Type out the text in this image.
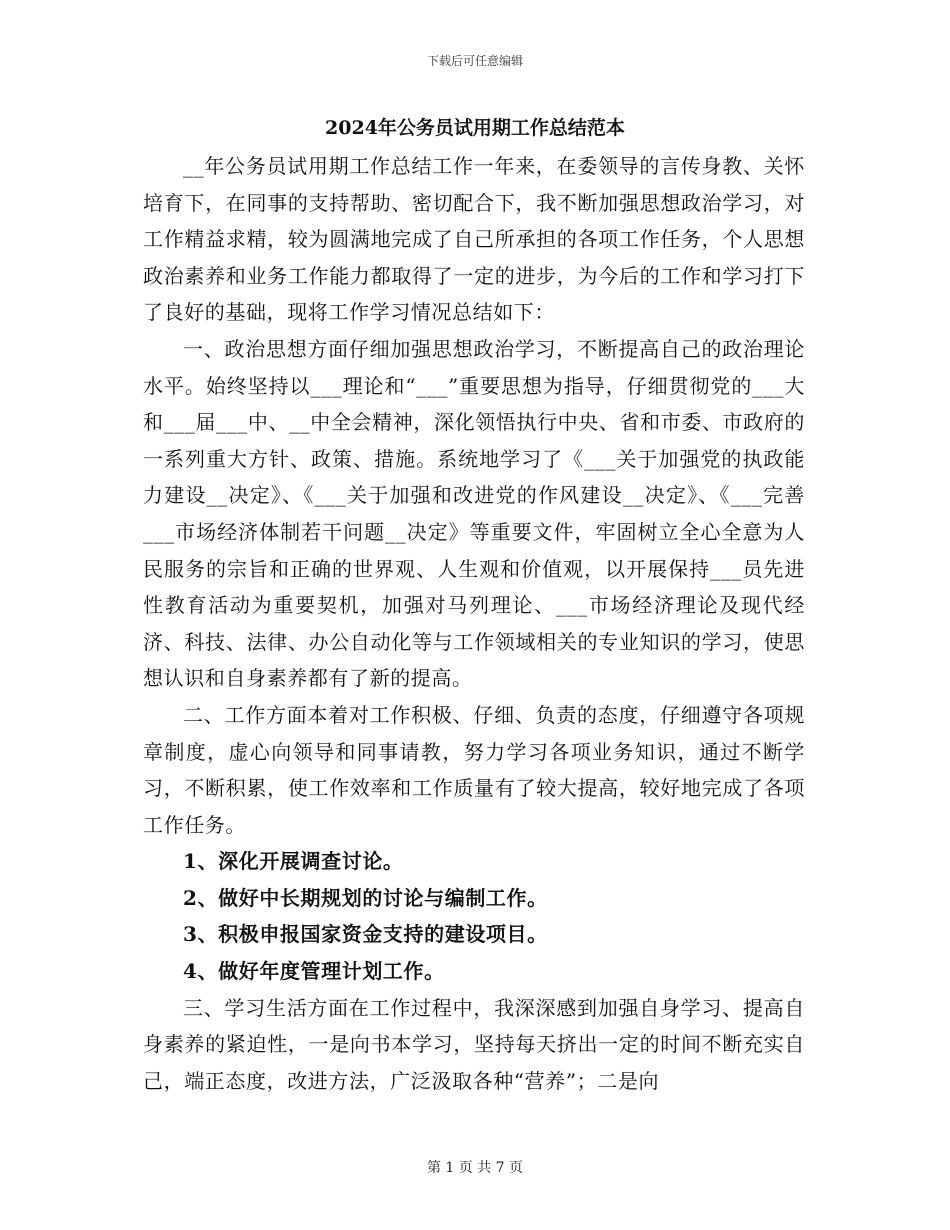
下载后可任意编辑
2024年公务员试用期工作总结范本

__年公务员试用期工作总结工作一年来，在委领导的言传身教、关怀培育下，在同事的支持帮助、密切配合下，我不断加强思想政治学习，对工作精益求精，较为圆满地完成了自己所承担的各项工作任务，个人思想政治素养和业务工作能力都取得了一定的进步，为今后的工作和学习打下了良好的基础，现将工作学习情况总结如下：

一、政治思想方面仔细加强思想政治学习，不断提高自己的政治理论水平。始终坚持以___理论和“___”重要思想为指导，仔细贯彻党的___大和___届___中、__中全会精神，深化领悟执行中央、省和市委、市政府的一系列重大方针、政策、措施。系统地学习了《___关于加强党的执政能力建设__决定》、《___关于加强和改进党的作风建设__决定》、《___完善___市场经济体制若干问题__决定》等重要文件，牢固树立全心全意为人民服务的宗旨和正确的世界观、人生观和价值观，以开展保持___员先进性教育活动为重要契机，加强对马列理论、___市场经济理论及现代经济、科技、法律、办公自动化等与工作领域相关的专业知识的学习，使思想认识和自身素养都有了新的提高。

二、工作方面本着对工作积极、仔细、负责的态度，仔细遵守各项规章制度，虚心向领导和同事请教，努力学习各项业务知识，通过不断学习，不断积累，使工作效率和工作质量有了较大提高，较好地完成了各项工作任务。

1、深化开展调查讨论。

2、做好中长期规划的讨论与编制工作。

3、积极申报国家资金支持的建设项目。

4、做好年度管理计划工作。

三、学习生活方面在工作过程中，我深深感到加强自身学习、提高自身素养的紧迫性，一是向书本学习，坚持每天挤出一定的时间不断充实自己，端正态度，改进方法，广泛汲取各种“营养”；二是向

第 1 页 共 7 页
